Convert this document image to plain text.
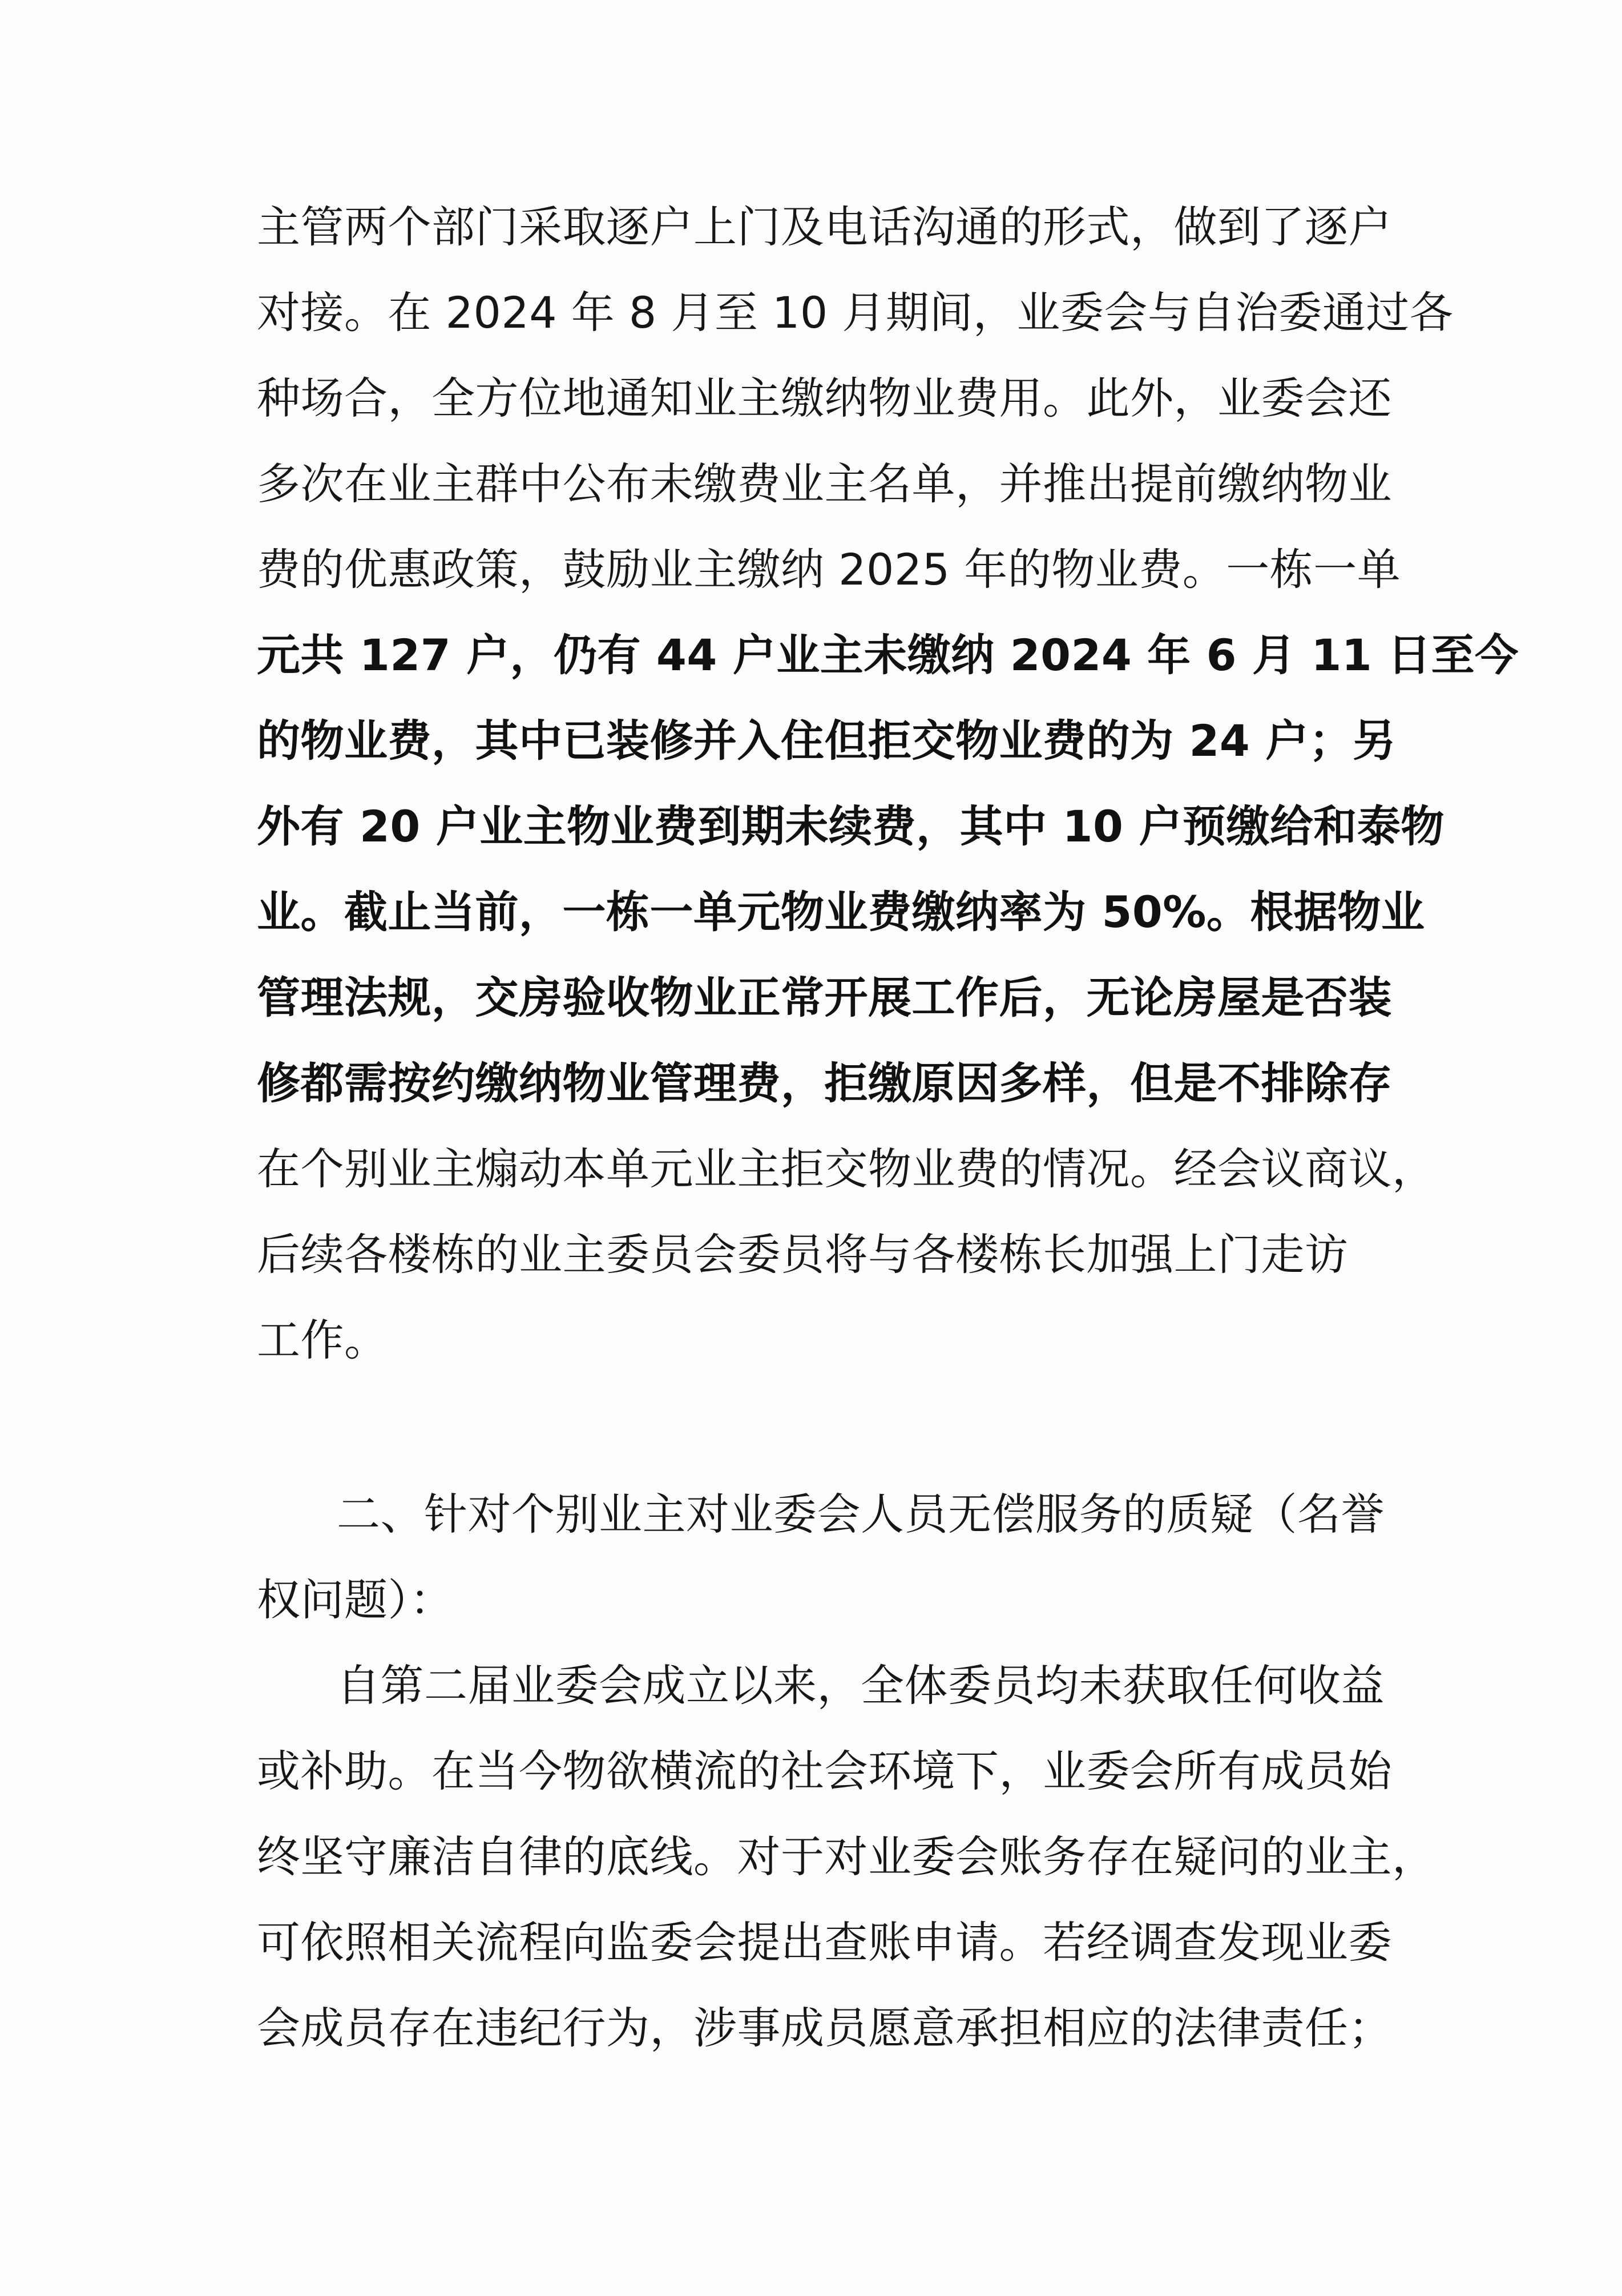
主管两个部门采取逐户上门及电话沟通的形式，做到了逐户
对接。在 2024 年 8 月至 10 月期间，业委会与自治委通过各
种场合，全方位地通知业主缴纳物业费用。此外，业委会还
多次在业主群中公布未缴费业主名单，并推出提前缴纳物业
费的优惠政策，鼓励业主缴纳 2025 年的物业费。一栋一单
元共 127 户，仍有 44 户业主未缴纳 2024 年 6 月 11 日至今
的物业费，其中已装修并入住但拒交物业费的为 24 户；另
外有 20 户业主物业费到期未续费，其中 10 户预缴给和泰物
业。截止当前，一栋一单元物业费缴纳率为 50%。根据物业
管理法规，交房验收物业正常开展工作后，无论房屋是否装
修都需按约缴纳物业管理费，拒缴原因多样，但是不排除存
在个别业主煽动本单元业主拒交物业费的情况。经会议商议，
后续各楼栋的业主委员会委员将与各楼栋长加强上门走访
工作。
二、针对个别业主对业委会人员无偿服务的质疑（名誉
权问题）：
自第二届业委会成立以来，全体委员均未获取任何收益
或补助。在当今物欲横流的社会环境下，业委会所有成员始
终坚守廉洁自律的底线。对于对业委会账务存在疑问的业主，
可依照相关流程向监委会提出查账申请。若经调查发现业委
会成员存在违纪行为，涉事成员愿意承担相应的法律责任；
